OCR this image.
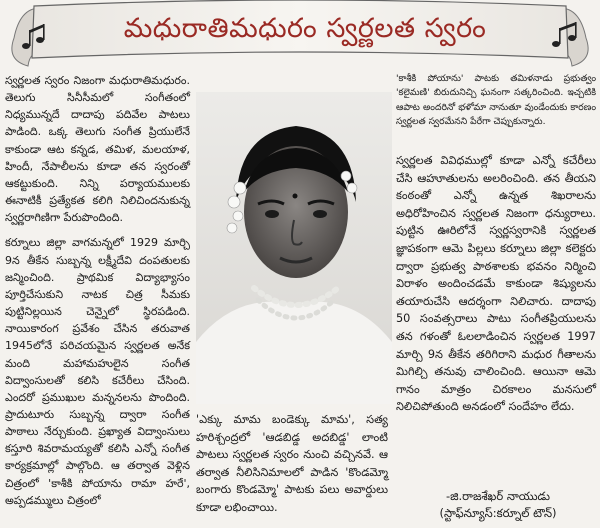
మధురాతిమధురం స్వర్ణలత స్వరం

స్వర్ణలత స్వరం నిజంగా మధురాతిమధురం. తెలుగు సినీసీమలో సంగీతంలో నిధ్యమున్నదే దాదాపు పదివేల పాటలు పాడింది. ఒక్క తెలుగు సంగీత ప్రియులేనే కాకుండా ఆట కన్నడ, తమిళ, మలయాళ, హిందీ, నేపాలీలను కూడా తన స్వరంతో ఆకట్టుకుంది. నిన్ని పర్యాయములకు ఈనాటికీ ప్రత్యేకత కలిగి నిలిచిందనుకున్న స్వర్ణరాగిణిగా పేరుపొందింది.

కర్నూలు జిల్లా వాగమన్నలో 1929 మార్చి 9న తీకేన సుబ్బన్న లక్ష్మీదేవి దంపతులకు జన్మించింది. ప్రాథమిక విద్యాభ్యాసం పూర్తిచేసుకుని నాటక చిత్ర సీమకు పుట్టినిల్లయిన చెన్నైలో స్థిరపడింది. నాయికారంగ ప్రవేశం చేసిన తరువాత 1945లోనే పరిచయమైన స్వర్ణలత అనేక మంది మహామహులైన సంగీత విద్వాంసులతో కలిసి కచేరీలు చేసింది. ఎందరో ప్రముఖుల మన్ననలను పొందింది. ప్రాదుటూరు సుబ్బన్న ద్వారా సంగీత పాఠాలు నేర్చుకుంది. ప్రఖ్యాత విద్వాంసులు కస్తూరి శివరామయ్యతో కలిసి ఎన్నో సంగీత కార్యక్రమాల్లో పాల్గొంది. ఆ తర్వాత వెళ్లిన చిత్రంలో 'కాశీకి పోయాను రామా హరే', అప్పడమ్ములు చిత్రంలో

'కాశీకి పోయాను' పాటకు తమిళనాడు ప్రభుత్వం 'కలైమణి' బిరుదునిచ్చి ఘనంగా సత్కరించింది. ఇచ్చటికి ఆపాట అందరినో భళోమా నానుతూ వుండేందుకు కారణం స్వర్ణలత స్వరమేనని పేరేగా చెప్పుకున్నారు.

'ఎక్కు మామ బండెక్కు మామ', సత్య హరిశ్చంద్రలో 'ఆడబిడ్డ అదబిడ్డ' లాంటి పాటలు స్వర్ణలత స్వరం నుంచి వచ్చినవే. ఆ తర్వాత నీలిసినిమాలలో పాడిన 'కొండమ్మో బంగారు కొండమ్మో' పాటకు పలు అవార్డులు కూడా లభించాయి.

స్వర్ణలత వివిధముల్లో కూడా ఎన్నో కచేరీలు చేసి ఆహూతులను అలరించింది. తన తీయని కంఠంతో ఎన్నో ఉన్నత శిఖరాలను అధిరోహించిన స్వర్ణలత నిజంగా ధన్యురాలు. పుట్టిన ఊరిలోనే స్వర్ణస్వరానికి స్వర్ణలత జ్ఞాపకంగా ఆమె పిల్లలు కర్నూలు జిల్లా కలెక్టరు ద్వారా ప్రభుత్వ పాఠశాలకు భవనం నిర్మించి విరాళం అందించడమే కాకుండా శిష్యులను తయారుచేసి ఆదర్శంగా నిలిచారు. దాదాపు 50 సంవత్సరాలు పాటు సంగీతప్రియులను తన గళంతో ఓలలాడించిన స్వర్ణలత 1997 మార్చి 9న తీకేన తరిగిరాని మధుర గీతాలను మిగిల్చి తనువు చాలించింది. ఆయినా ఆమె గానం మాత్రం చిరకాలం మనసులో నిలిచిపోతుంది అనడంలో సందేహం లేదు.

-జి.రాజశేఖర్ నాయుడు
(స్టాఫ్‌న్యూస్‌:కర్నూల్ టౌన్)
